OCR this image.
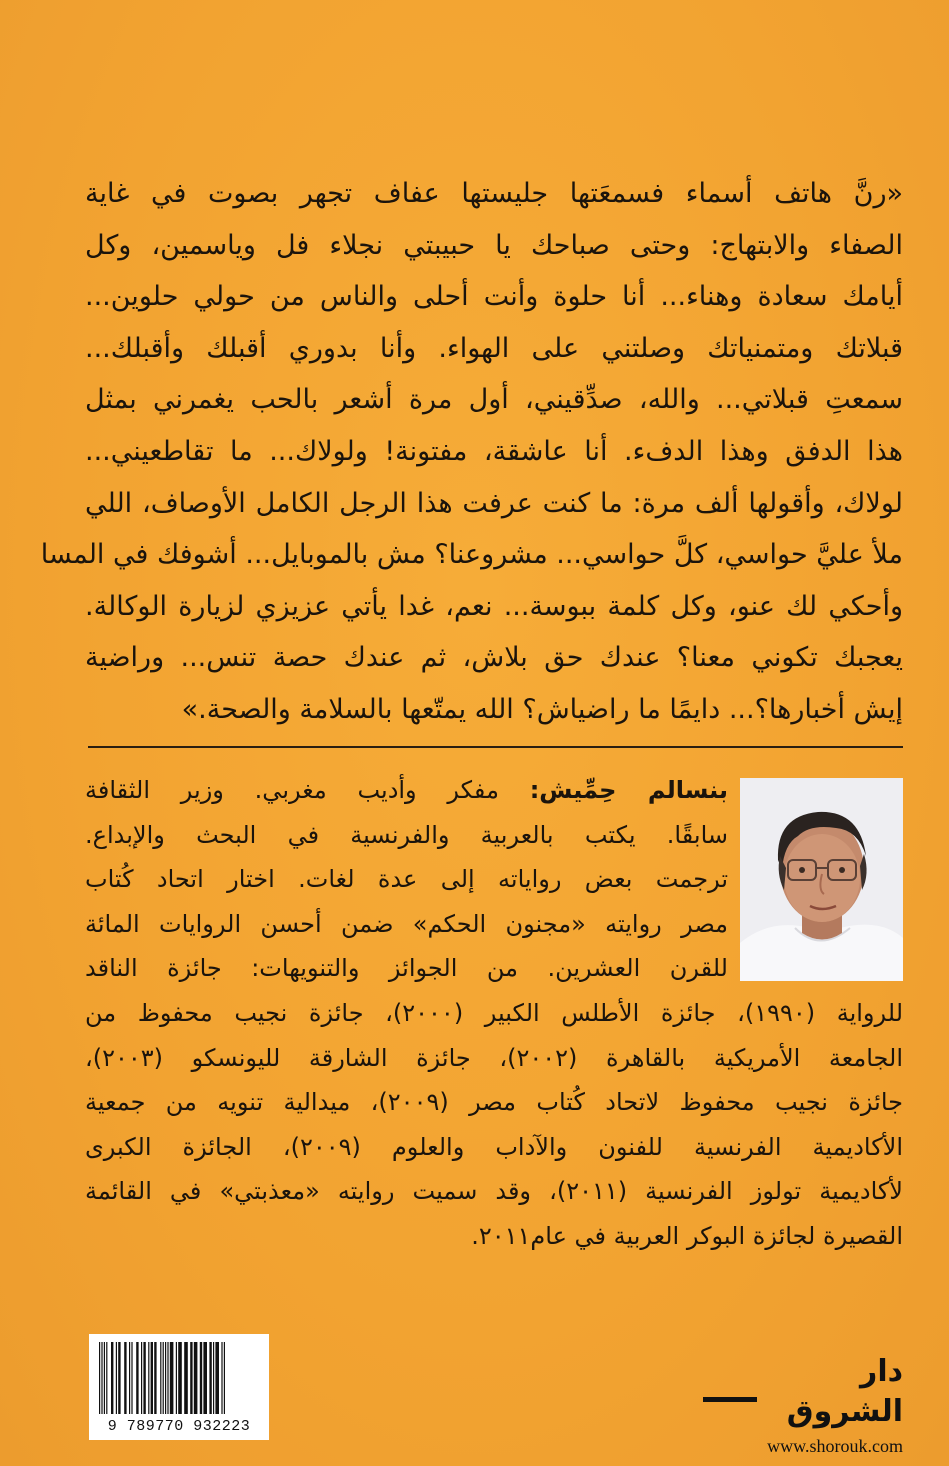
«رنَّ هاتف أسماء فسمعَتها جليستها عفاف تجهر بصوت في غاية
الصفاء والابتهاج: وحتى صباحك يا حبيبتي نجلاء فل وياسمين، وكل
أيامك سعادة وهناء... أنا حلوة وأنت أحلى والناس من حولي حلوين...
قبلاتك ومتمنياتك وصلتني على الهواء. وأنا بدوري أقبلك وأقبلك...
سمعتِ قبلاتي... والله، صدِّقيني، أول مرة أشعر بالحب يغمرني بمثل
هذا الدفق وهذا الدفء. أنا عاشقة، مفتونة! ولولاك... ما تقاطعيني...
لولاك، وأقولها ألف مرة: ما كنت عرفت هذا الرجل الكامل الأوصاف، اللي
ملأ عليَّ حواسي، كلَّ حواسي... مشروعنا؟ مش بالموبايل... أشوفك في المسا
وأحكي لك عنو، وكل كلمة ببوسة... نعم، غدا يأتي عزيزي لزيارة الوكالة.
يعجبك تكوني معنا؟ عندك حق بلاش، ثم عندك حصة تنس... وراضية
إيش أخبارها؟... دايمًا ما راضياش؟ الله يمتّعها بالسلامة والصحة.»
بنسالم حِمِّيش: مفكر وأديب مغربي. وزير الثقافة
سابقًا. يكتب بالعربية والفرنسية في البحث والإبداع.
ترجمت بعض رواياته إلى عدة لغات. اختار اتحاد كُتاب
مصر روايته «مجنون الحكم» ضمن أحسن الروايات المائة
للقرن العشرين. من الجوائز والتنويهات: جائزة الناقد
للرواية (١٩٩٠)، جائزة الأطلس الكبير (٢٠٠٠)، جائزة نجيب محفوظ من
الجامعة الأمريكية بالقاهرة (٢٠٠٢)، جائزة الشارقة لليونسكو (٢٠٠٣)،
جائزة نجيب محفوظ لاتحاد كُتاب مصر (٢٠٠٩)، ميدالية تنويه من جمعية
الأكاديمية الفرنسية للفنون والآداب والعلوم (٢٠٠٩)، الجائزة الكبرى
لأكاديمية تولوز الفرنسية (٢٠١١)، وقد سميت روايته «معذبتي» في القائمة
القصيرة لجائزة البوكر العربية في عام٢٠١١.
9 789770 932223
دار الشروق
www.shorouk.com
